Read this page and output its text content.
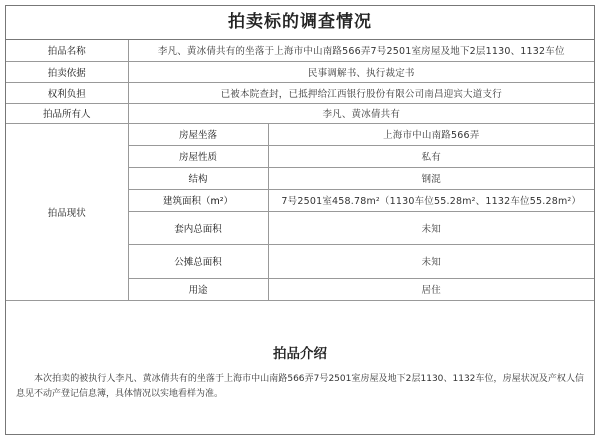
拍卖标的调查情况
拍品名称	李凡、黄冰倩共有的坐落于上海市中山南路566弄7号2501室房屋及地下2层1130、1132车位	
拍卖依据	民事调解书、执行裁定书	
权利负担	已被本院查封，已抵押给江西银行股份有限公司南昌迎宾大道支行	
拍品所有人	李凡、黄冰倩共有	
拍品现状	房屋坐落	上海市中山南路566弄
	房屋性质	私有
	结构	钢混
	建筑面积（m²）	7号2501室458.78m²（1130车位55.28m²、1132车位55.28m²）
	套内总面积	未知
	公摊总面积	未知
	用途	居住
拍品介绍
本次拍卖的被执行人李凡、黄冰倩共有的坐落于上海市中山南路566弄7号2501室房屋及地下2层1130、1132车位，房屋状况及产权人信息见不动产登记信息簿，具体情况以实地看样为准。
